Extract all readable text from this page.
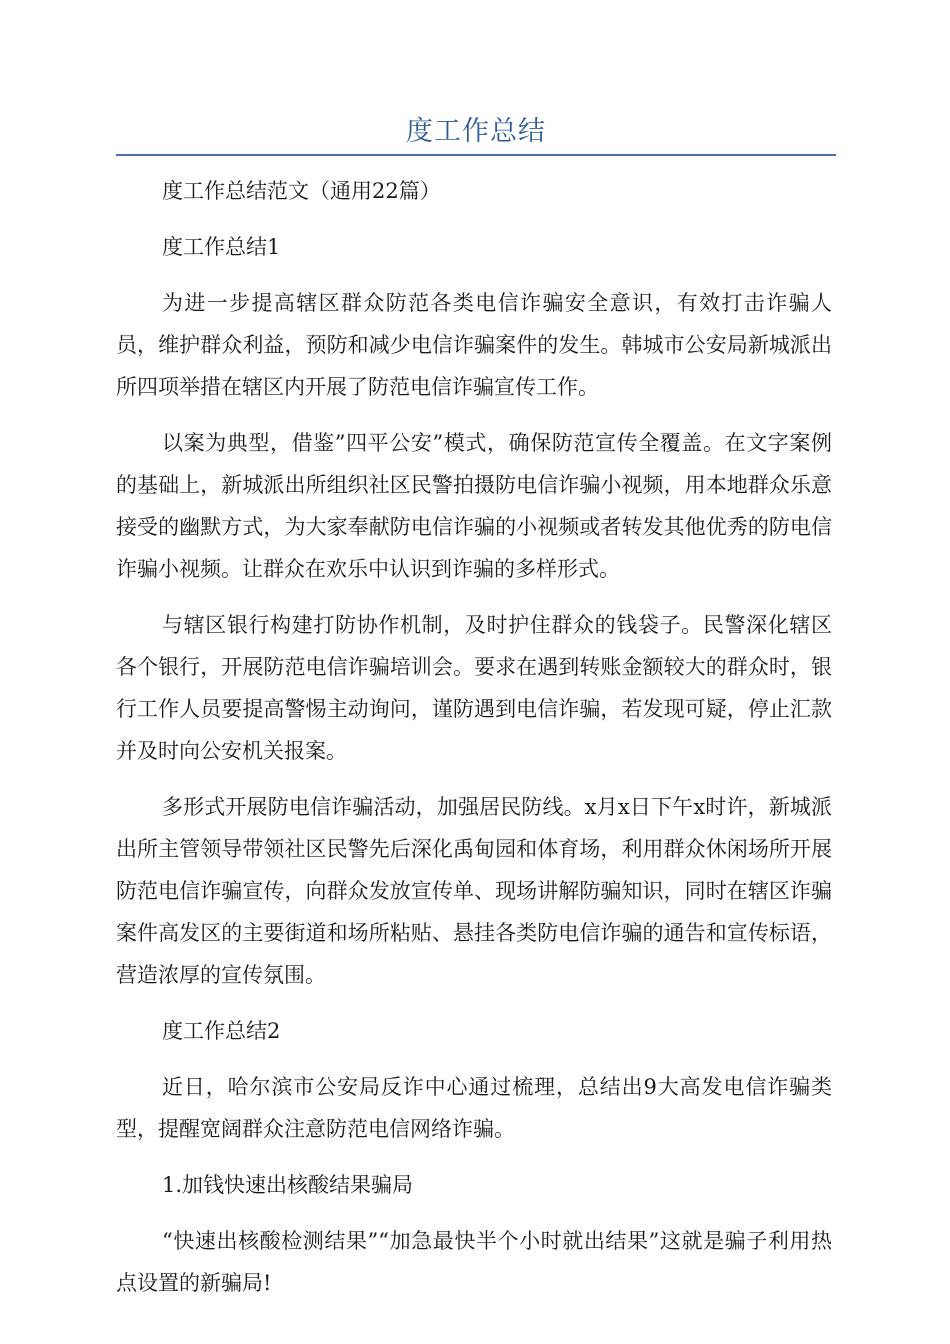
度工作总结

度工作总结范文（通用22篇）

度工作总结1

为进一步提高辖区群众防范各类电信诈骗安全意识，有效打击诈骗人员，维护群众利益，预防和减少电信诈骗案件的发生。韩城市公安局新城派出所四项举措在辖区内开展了防范电信诈骗宣传工作。

以案为典型，借鉴”四平公安”模式，确保防范宣传全覆盖。在文字案例的基础上，新城派出所组织社区民警拍摄防电信诈骗小视频，用本地群众乐意接受的幽默方式，为大家奉献防电信诈骗的小视频或者转发其他优秀的防电信诈骗小视频。让群众在欢乐中认识到诈骗的多样形式。

与辖区银行构建打防协作机制，及时护住群众的钱袋子。民警深化辖区各个银行，开展防范电信诈骗培训会。要求在遇到转账金额较大的群众时，银行工作人员要提高警惕主动询问，谨防遇到电信诈骗，若发现可疑，停止汇款并及时向公安机关报案。

多形式开展防电信诈骗活动，加强居民防线。x月x日下午x时许，新城派出所主管领导带领社区民警先后深化禹甸园和体育场，利用群众休闲场所开展防范电信诈骗宣传，向群众发放宣传单、现场讲解防骗知识，同时在辖区诈骗案件高发区的主要街道和场所粘贴、悬挂各类防电信诈骗的通告和宣传标语，营造浓厚的宣传氛围。

度工作总结2

近日，哈尔滨市公安局反诈中心通过梳理，总结出9大高发电信诈骗类型，提醒宽阔群众注意防范电信网络诈骗。

1.加钱快速出核酸结果骗局

“快速出核酸检测结果”“加急最快半个小时就出结果”这就是骗子利用热点设置的新骗局!
